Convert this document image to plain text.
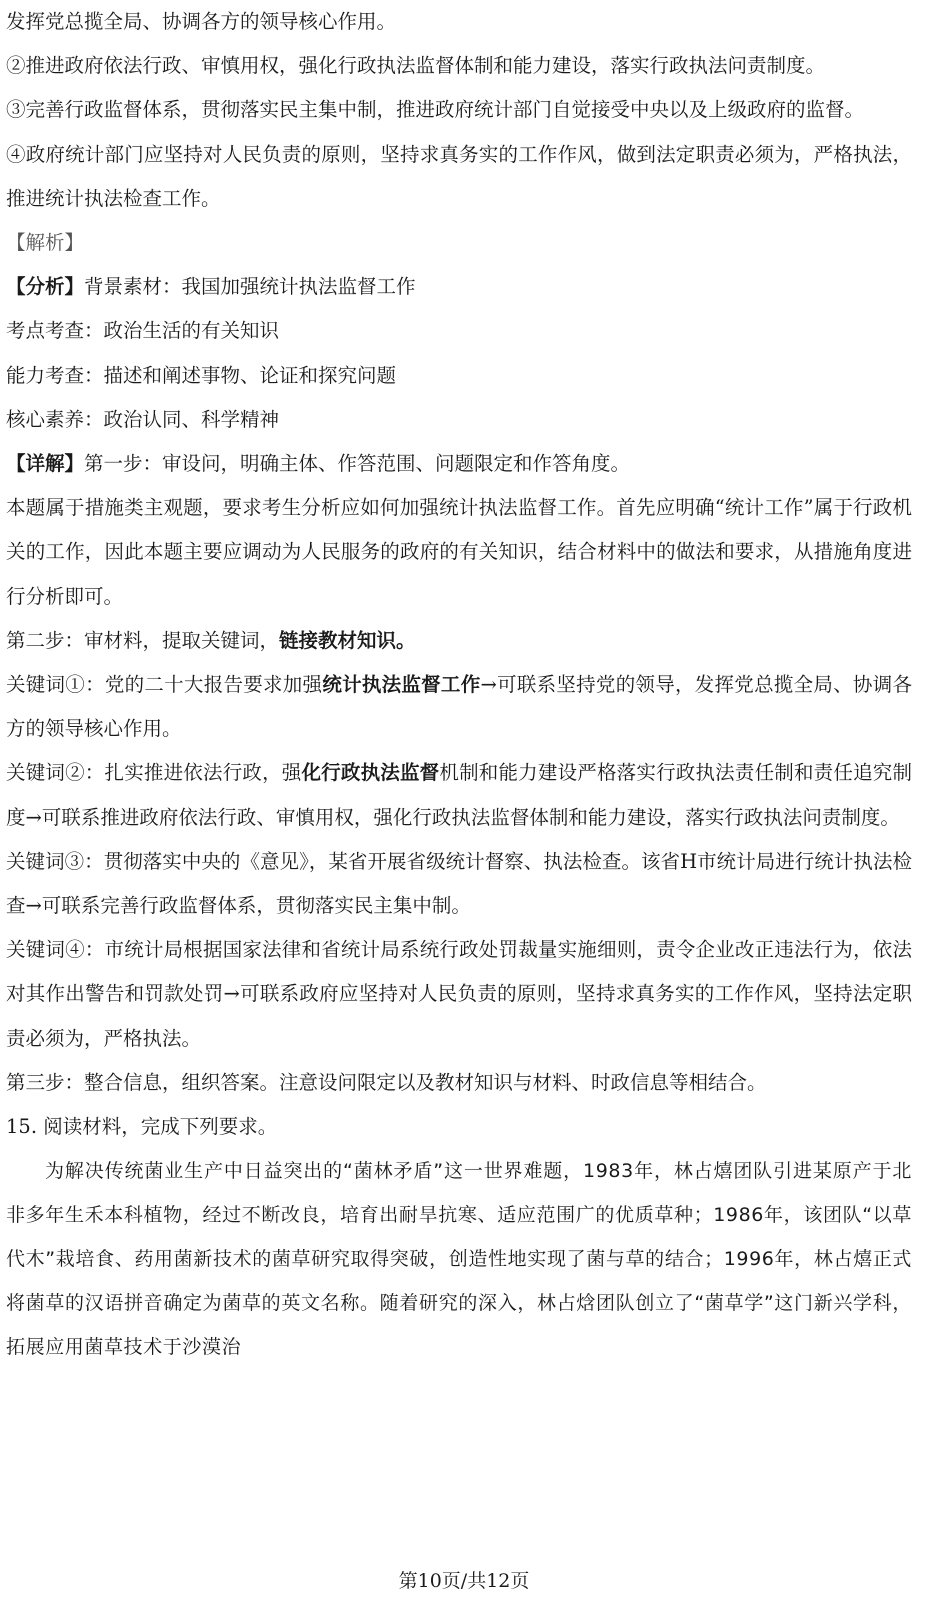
发挥党总揽全局、协调各方的领导核心作用。

②推进政府依法行政、审慎用权，强化行政执法监督体制和能力建设，落实行政执法问责制度。

③完善行政监督体系，贯彻落实民主集中制，推进政府统计部门自觉接受中央以及上级政府的监督。

④政府统计部门应坚持对人民负责的原则，坚持求真务实的工作作风，做到法定职责必须为，严格执法，推进统计执法检查工作。

【解析】

【分析】背景素材：我国加强统计执法监督工作

考点考查：政治生活的有关知识

能力考查：描述和阐述事物、论证和探究问题

核心素养：政治认同、科学精神

【详解】第一步：审设问，明确主体、作答范围、问题限定和作答角度。

本题属于措施类主观题，要求考生分析应如何加强统计执法监督工作。首先应明确“统计工作”属于行政机关的工作，因此本题主要应调动为人民服务的政府的有关知识，结合材料中的做法和要求，从措施角度进行分析即可。

第二步：审材料，提取关键词，链接教材知识。

关键词①：党的二十大报告要求加强统计执法监督工作→可联系坚持党的领导，发挥党总揽全局、协调各方的领导核心作用。

关键词②：扎实推进依法行政，强化行政执法监督机制和能力建设严格落实行政执法责任制和责任追究制度→可联系推进政府依法行政、审慎用权，强化行政执法监督体制和能力建设，落实行政执法问责制度。

关键词③：贯彻落实中央的《意见》，某省开展省级统计督察、执法检查。该省H市统计局进行统计执法检查→可联系完善行政监督体系，贯彻落实民主集中制。

关键词④：市统计局根据国家法律和省统计局系统行政处罚裁量实施细则，责令企业改正违法行为，依法对其作出警告和罚款处罚→可联系政府应坚持对人民负责的原则，坚持求真务实的工作作风，坚持法定职责必须为，严格执法。

第三步：整合信息，组织答案。注意设问限定以及教材知识与材料、时政信息等相结合。

15. 阅读材料，完成下列要求。

为解决传统菌业生产中日益突出的“菌林矛盾”这一世界难题，1983年，林占熺团队引进某原产于北非多年生禾本科植物，经过不断改良，培育出耐旱抗寒、适应范围广的优质草种；1986年，该团队“以草代木”栽培食、药用菌新技术的菌草研究取得突破，创造性地实现了菌与草的结合；1996年，林占熺正式将菌草的汉语拼音确定为菌草的英文名称。随着研究的深入，林占焓团队创立了“菌草学”这门新兴学科，拓展应用菌草技术于沙漠治

第10页/共12页
